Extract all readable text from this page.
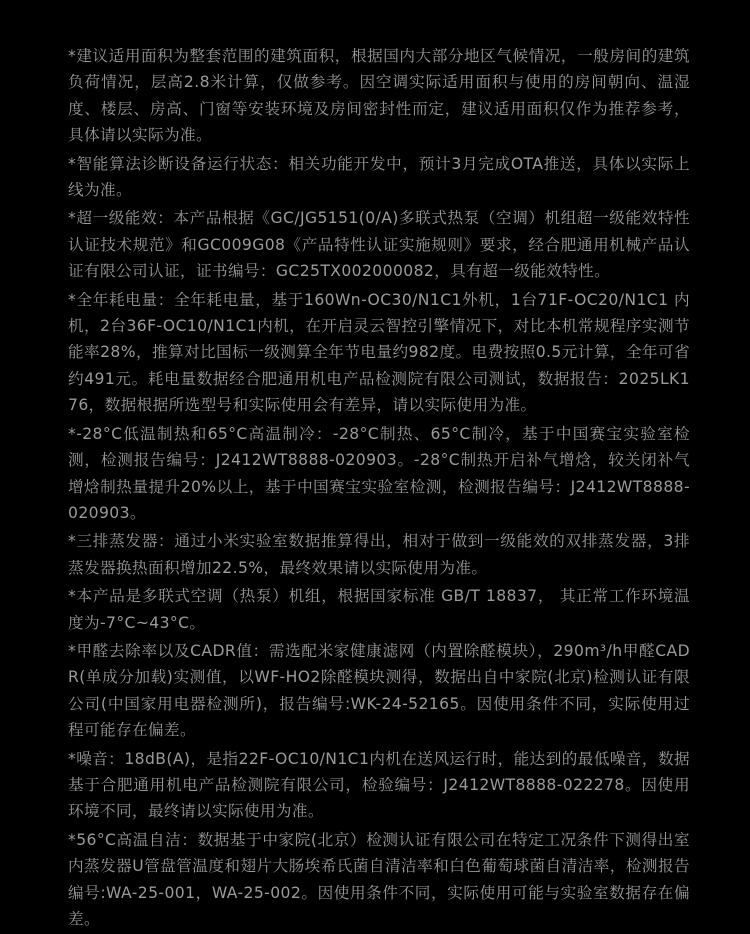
*建议适用面积为整套范围的建筑面积，根据国内大部分地区气候情况，一般房间的建筑负荷情况，层高2.8米计算，仅做参考。因空调实际适用面积与使用的房间朝向、温湿度、楼层、房高、门窗等安装环境及房间密封性而定，建议适用面积仅作为推荐参考，具体请以实际为准。
*智能算法诊断设备运行状态：相关功能开发中，预计3月完成OTA推送，具体以实际上线为准。
*超一级能效：本产品根据《GC/JG5151(0/A)多联式热泵（空调）机组超一级能效特性认证技术规范》和GC009G08《产品特性认证实施规则》要求，经合肥通用机械产品认证有限公司认证，证书编号：GC25TX002000082，具有超一级能效特性。
*全年耗电量：全年耗电量，基于160Wn-OC30/N1C1外机，1台71F-OC20/N1C1 内机，2台36F-OC10/N1C1内机，在开启灵云智控引擎情况下，对比本机常规程序实测节能率28%，推算对比国标一级测算全年节电量约982度。电费按照0.5元计算，全年可省约491元。耗电量数据经合肥通用机电产品检测院有限公司测试，数据报告：2025LK176，数据根据所选型号和实际使用会有差异，请以实际使用为准。
*-28°C低温制热和65°C高温制冷：-28°C制热、65°C制冷，基于中国赛宝实验室检测，检测报告编号：J2412WT8888-020903。-28°C制热开启补气增焓，较关闭补气增焓制热量提升20%以上，基于中国赛宝实验室检测，检测报告编号：J2412WT8888-020903。
*三排蒸发器：通过小米实验室数据推算得出，相对于做到一级能效的双排蒸发器，3排蒸发器换热面积增加22.5%，最终效果请以实际使用为准。
*本产品是多联式空调（热泵）机组，根据国家标准 GB/T 18837， 其正常工作环境温度为-7°C~43°C。
*甲醛去除率以及CADR值：需选配米家健康滤网（内置除醛模块），290m³/h甲醛CADR(单成分加载)实测值，以WF-HO2除醛模块测得，数据出自中家院(北京)检测认证有限公司(中国家用电器检测所)，报告编号:WK-24-52165。因使用条件不同，实际使用过程可能存在偏差。
*噪音：18dB(A)，是指22F-OC10/N1C1内机在送风运行时，能达到的最低噪音，数据基于合肥通用机电产品检测院有限公司，检验编号：J2412WT8888-022278。因使用环境不同，最终请以实际使用为准。
*56°C高温自洁：数据基于中家院(北京）检测认证有限公司在特定工况条件下测得出室内蒸发器U管盘管温度和翅片大肠埃希氏菌自清洁率和白色葡萄球菌自清洁率，检测报告编号:WA-25-001，WA-25-002。因使用条件不同，实际使用可能与实验室数据存在偏差。
